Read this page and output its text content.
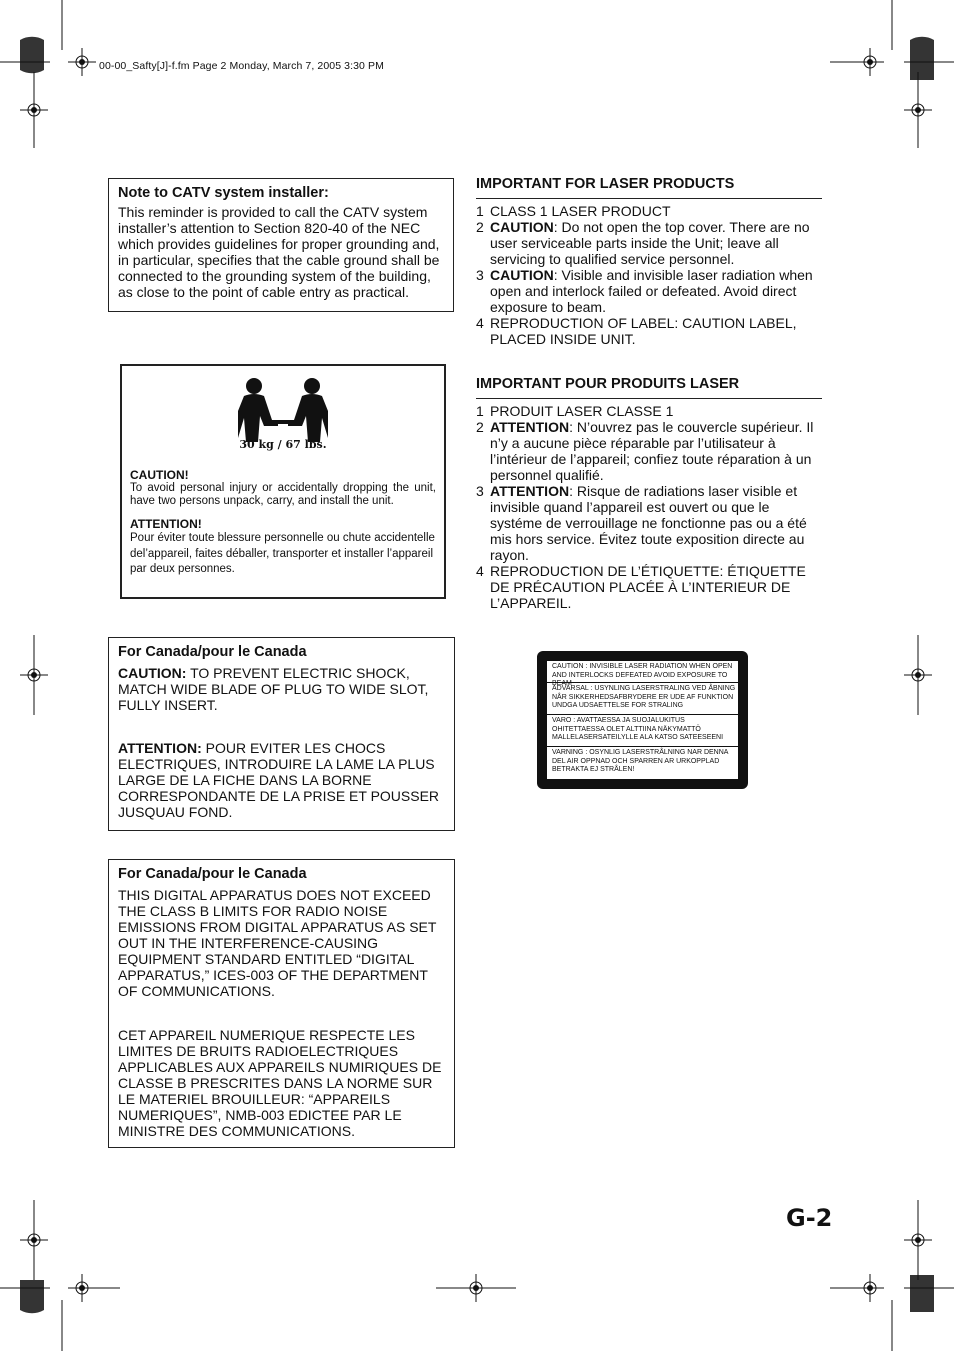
00-00_Safty[J]-f.fm Page 2 Monday, March 7, 2005 3:30 PM
Note to CATV system installer:
This reminder is provided to call the CATV system installer’s attention to Section 820-40 of the NEC which provides guidelines for proper grounding and, in particular, specifies that the cable ground shall be connected to the grounding system of the building, as close to the point of cable entry as practical.
30 kg / 67 lbs.
CAUTION!
To avoid personal injury or accidentally dropping the unit, have two persons unpack, carry, and install the unit.
ATTENTION!
Pour éviter toute blessure personnelle ou chute accidentelle del’appareil, faites déballer, transporter et installer l’appareil par deux personnes.
For Canada/pour le Canada
CAUTION: TO PREVENT ELECTRIC SHOCK, MATCH WIDE BLADE OF PLUG TO WIDE SLOT, FULLY INSERT.
ATTENTION: POUR EVITER LES CHOCS ELECTRIQUES, INTRODUIRE LA LAME LA PLUS LARGE DE LA FICHE DANS LA BORNE CORRESPONDANTE DE LA PRISE ET POUSSER JUSQUAU FOND.
For Canada/pour le Canada
THIS DIGITAL APPARATUS DOES NOT EXCEED THE CLASS B LIMITS FOR RADIO NOISE EMISSIONS FROM DIGITAL APPARATUS AS SET OUT IN THE INTERFERENCE-CAUSING EQUIPMENT STANDARD ENTITLED “DIGITAL APPARATUS,” ICES-003 OF THE DEPARTMENT OF COMMUNICATIONS.
CET APPAREIL NUMERIQUE RESPECTE LES LIMITES DE BRUITS RADIOELECTRIQUES APPLICABLES AUX APPAREILS NUMIRIQUES DE CLASSE B PRESCRITES DANS LA NORME SUR LE MATERIEL BROUILLEUR: “APPAREILS NUMERIQUES”, NMB-003 EDICTEE PAR LE MINISTRE DES COMMUNICATIONS.
IMPORTANT FOR LASER PRODUCTS
1 CLASS 1 LASER PRODUCT
2 CAUTION: Do not open the top cover. There are no user serviceable parts inside the Unit; leave all servicing to qualified service personnel.
3 CAUTION: Visible and invisible laser radiation when open and interlock failed or defeated. Avoid direct exposure to beam.
4 REPRODUCTION OF LABEL: CAUTION LABEL, PLACED INSIDE UNIT.
IMPORTANT POUR PRODUITS LASER
1 PRODUIT LASER CLASSE 1
2 ATTENTION: N’ouvrez pas le couvercle supérieur. Il n’y a aucune pièce réparable par l’utilisateur à l’intérieur de l’appareil; confiez toute réparation à un personnel qualifié.
3 ATTENTION: Risque de radiations laser visible et invisible quand l’appareil est ouvert ou que le systéme de verrouillage ne fonctionne pas ou a été mis hors service. Évitez toute exposition directe au rayon.
4 REPRODUCTION DE L’ÉTIQUETTE: ÉTIQUETTE DE PRÉCAUTION PLACÉE À L’INTERIEUR DE L’APPAREIL.
CAUTION : INVISIBLE LASER RADIATION WHEN OPEN AND INTERLOCKS DEFEATED AVOID EXPOSURE TO BEAM
ADVARSAL : USYNLING LASERSTRALING VED ÅBNING NÅR SIKKERHEDSAFBRYDERE ER UDE AF FUNKTION UNDGA UDSAETTELSE FOR STRALING
VARO : AVATTAESSA JA SUOJALUKITUS OHITETTAESSA OLET ALTTIINA NÄKYMATTÖ MALLELASERSATEILYLLE ALA KATSO SATEESEENI
VARNING : OSYNLIG LASERSTRÅLNING NAR DENNA DEL AIR OPPNAD OCH SPARREN AR URKOPPLAD BETRAKTA EJ STRÅLEN!
G-2
